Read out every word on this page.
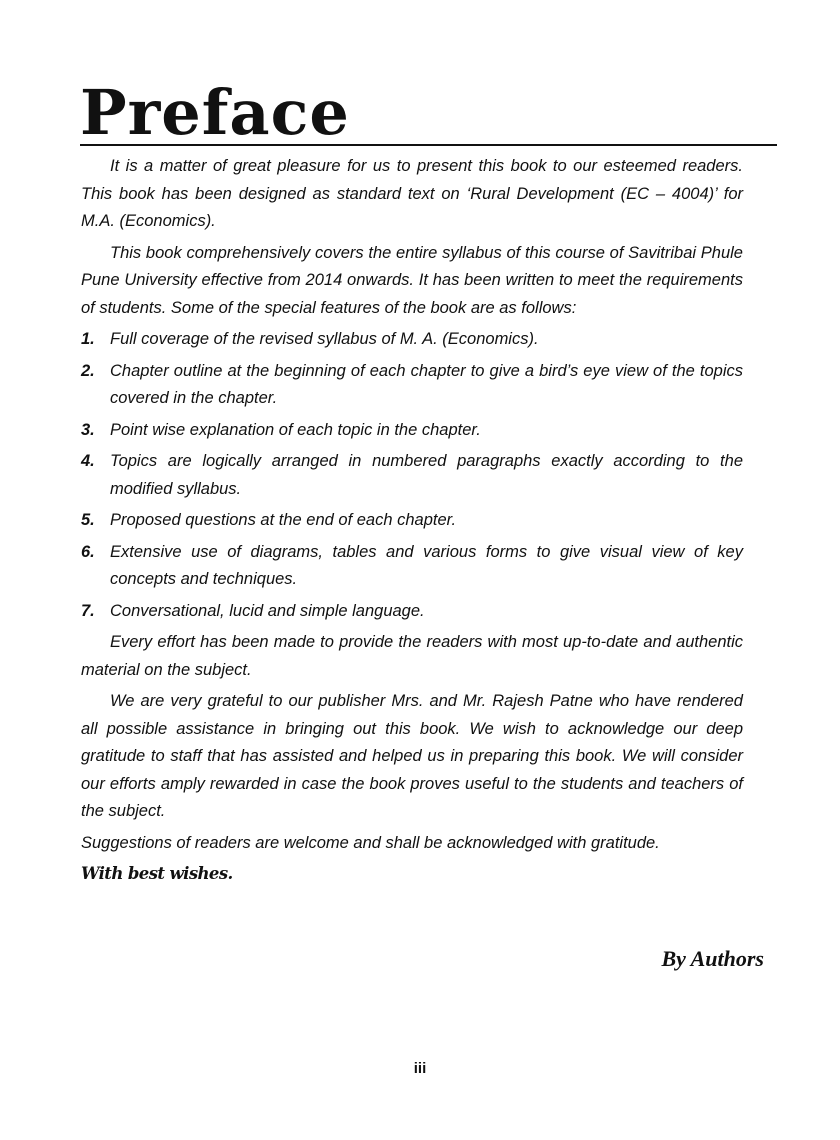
Preface

It is a matter of great pleasure for us to present this book to our esteemed readers. This book has been designed as standard text on ‘Rural Development (EC – 4004)’ for M.A. (Economics).

This book comprehensively covers the entire syllabus of this course of Savitribai Phule Pune University effective from 2014 onwards. It has been written to meet the requirements of students. Some of the special features of the book are as follows:

1. Full coverage of the revised syllabus of M. A. (Economics).
2. Chapter outline at the beginning of each chapter to give a bird’s eye view of the topics covered in the chapter.
3. Point wise explanation of each topic in the chapter.
4. Topics are logically arranged in numbered paragraphs exactly according to the modified syllabus.
5. Proposed questions at the end of each chapter.
6. Extensive use of diagrams, tables and various forms to give visual view of key concepts and techniques.
7. Conversational, lucid and simple language.

Every effort has been made to provide the readers with most up-to-date and authentic material on the subject.

We are very grateful to our publisher Mrs. and Mr. Rajesh Patne who have rendered all possible assistance in bringing out this book. We wish to acknowledge our deep gratitude to staff that has assisted and helped us in preparing this book. We will consider our efforts amply rewarded in case the book proves useful to the students and teachers of the subject.

Suggestions of readers are welcome and shall be acknowledged with gratitude.

With best wishes.

By Authors

iii
